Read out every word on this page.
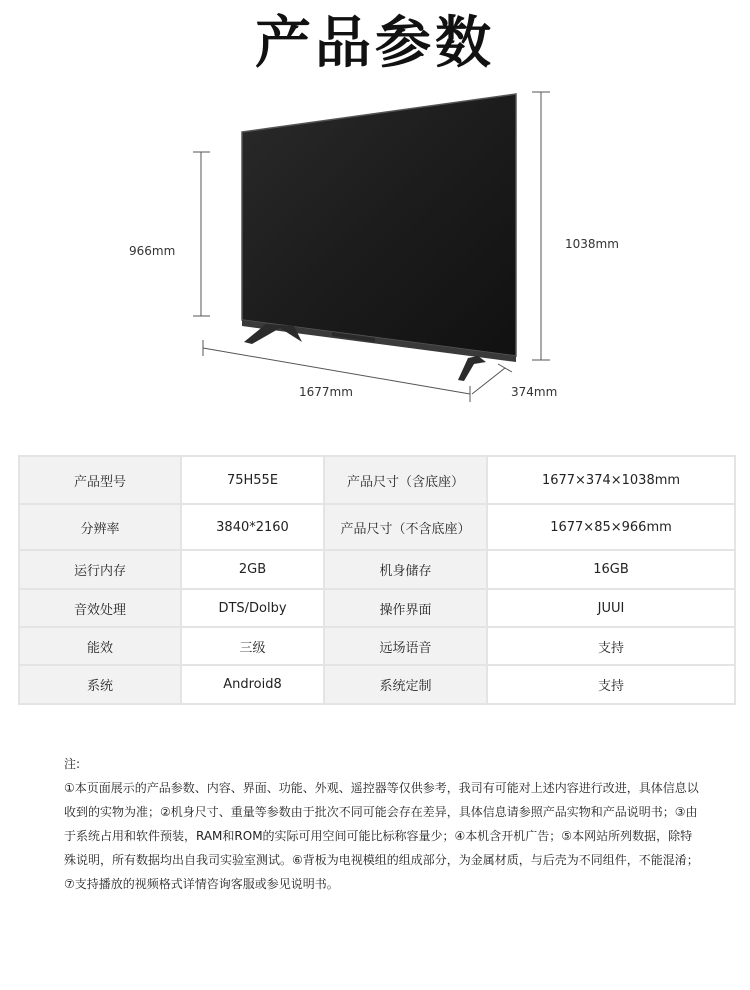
产品参数
966mm	1038mm
1677mm	374mm
产品型号	75H55E	产品尺寸（含底座）	1677×374×1038mm
分辨率	3840*2160	产品尺寸（不含底座）	1677×85×966mm
运行内存	2GB	机身储存	16GB
音效处理	DTS/Dolby	操作界面	JUUI
能效	三级	远场语音	支持
系统	Android8	系统定制	支持

注:

①本页面展示的产品参数、内容、界面、功能、外观、遥控器等仅供参考，我司有可能对上述内容进行改进，具体信息以收到的实物为准；②机身尺寸、重量等参数由于批次不同可能会存在差异，具体信息请参照产品实物和产品说明书；③由于系统占用和软件预装，RAM和ROM的实际可用空间可能比标称容量少；④本机含开机广告；⑤本网站所列数据，除特殊说明，所有数据均出自我司实验室测试。⑥背板为电视模组的组成部分，为金属材质，与后壳为不同组件，不能混淆；⑦支持播放的视频格式详情咨询客服或参见说明书。
